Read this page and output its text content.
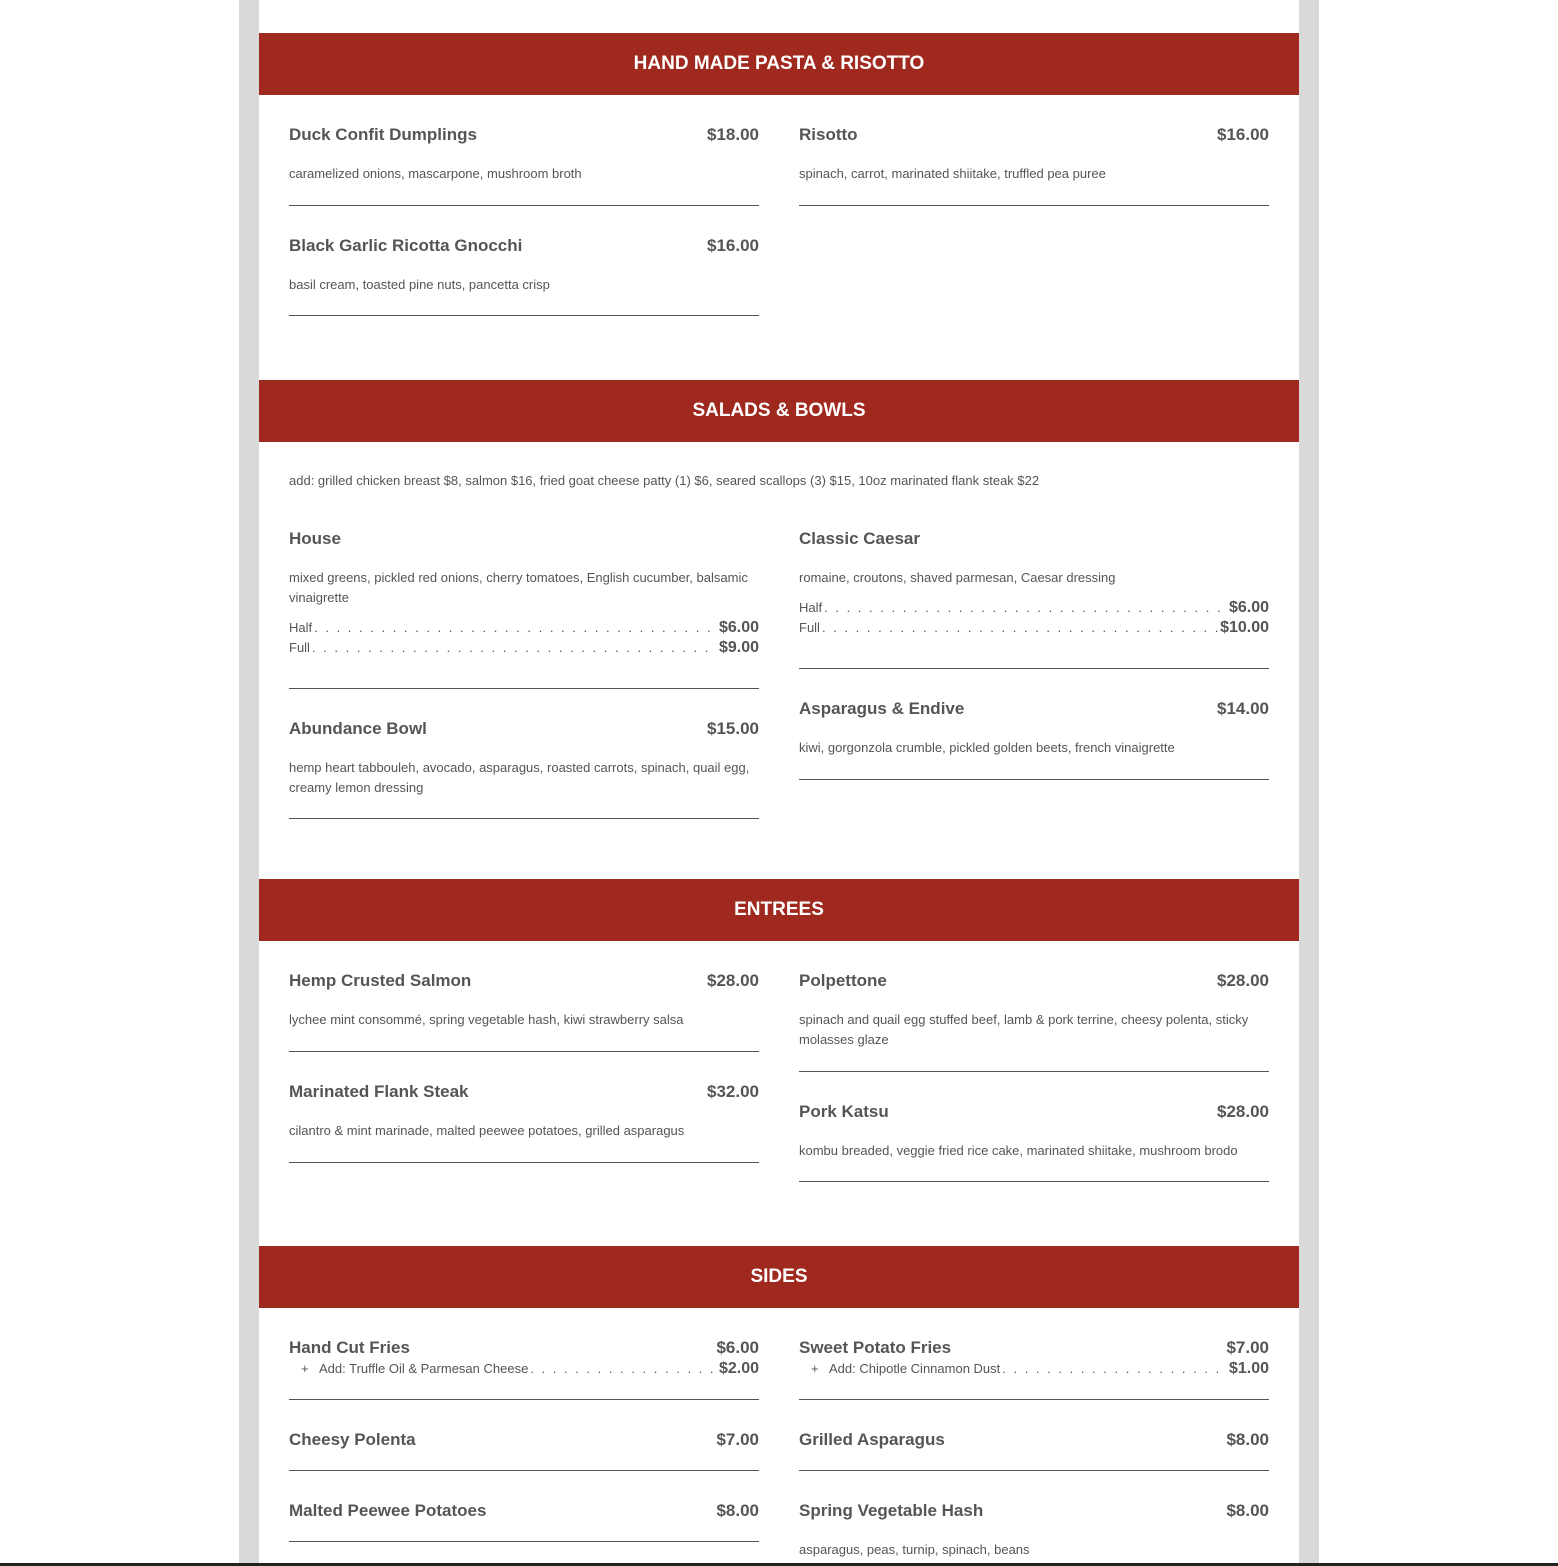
HAND MADE PASTA & RISOTTO
Duck Confit Dumplings	$18.00
caramelized onions, mascarpone, mushroom broth
Risotto	$16.00
spinach, carrot, marinated shiitake, truffled pea puree
Black Garlic Ricotta Gnocchi	$16.00
basil cream, toasted pine nuts, pancetta crisp
SALADS & BOWLS
add: grilled chicken breast $8, salmon $16, fried goat cheese patty (1) $6, seared scallops (3) $15, 10oz marinated flank steak $22
House
mixed greens, pickled red onions, cherry tomatoes, English cucumber, balsamic vinaigrette
Half . . .	$6.00
Full . . .	$9.00
Classic Caesar
romaine, croutons, shaved parmesan, Caesar dressing
Half . . .	$6.00
Full . . .	$10.00
Abundance Bowl	$15.00
hemp heart tabbouleh, avocado, asparagus, roasted carrots, spinach, quail egg, creamy lemon dressing
Asparagus & Endive	$14.00
kiwi, gorgonzola crumble, pickled golden beets, french vinaigrette
ENTREES
Hemp Crusted Salmon	$28.00
lychee mint consommé, spring vegetable hash, kiwi strawberry salsa
Polpettone	$28.00
spinach and quail egg stuffed beef, lamb & pork terrine, cheesy polenta, sticky molasses glaze
Marinated Flank Steak	$32.00
cilantro & mint marinade, malted peewee potatoes, grilled asparagus
Pork Katsu	$28.00
kombu breaded, veggie fried rice cake, marinated shiitake, mushroom brodo
SIDES
Hand Cut Fries	$6.00
+ Add: Truffle Oil & Parmesan Cheese . . .	$2.00
Sweet Potato Fries	$7.00
+ Add: Chipotle Cinnamon Dust . . .	$1.00
Cheesy Polenta	$7.00 Grilled Asparagus	$8.00
Malted Peewee Potatoes	$8.00 Spring Vegetable Hash	$8.00
asparagus, peas, turnip, spinach, beans
